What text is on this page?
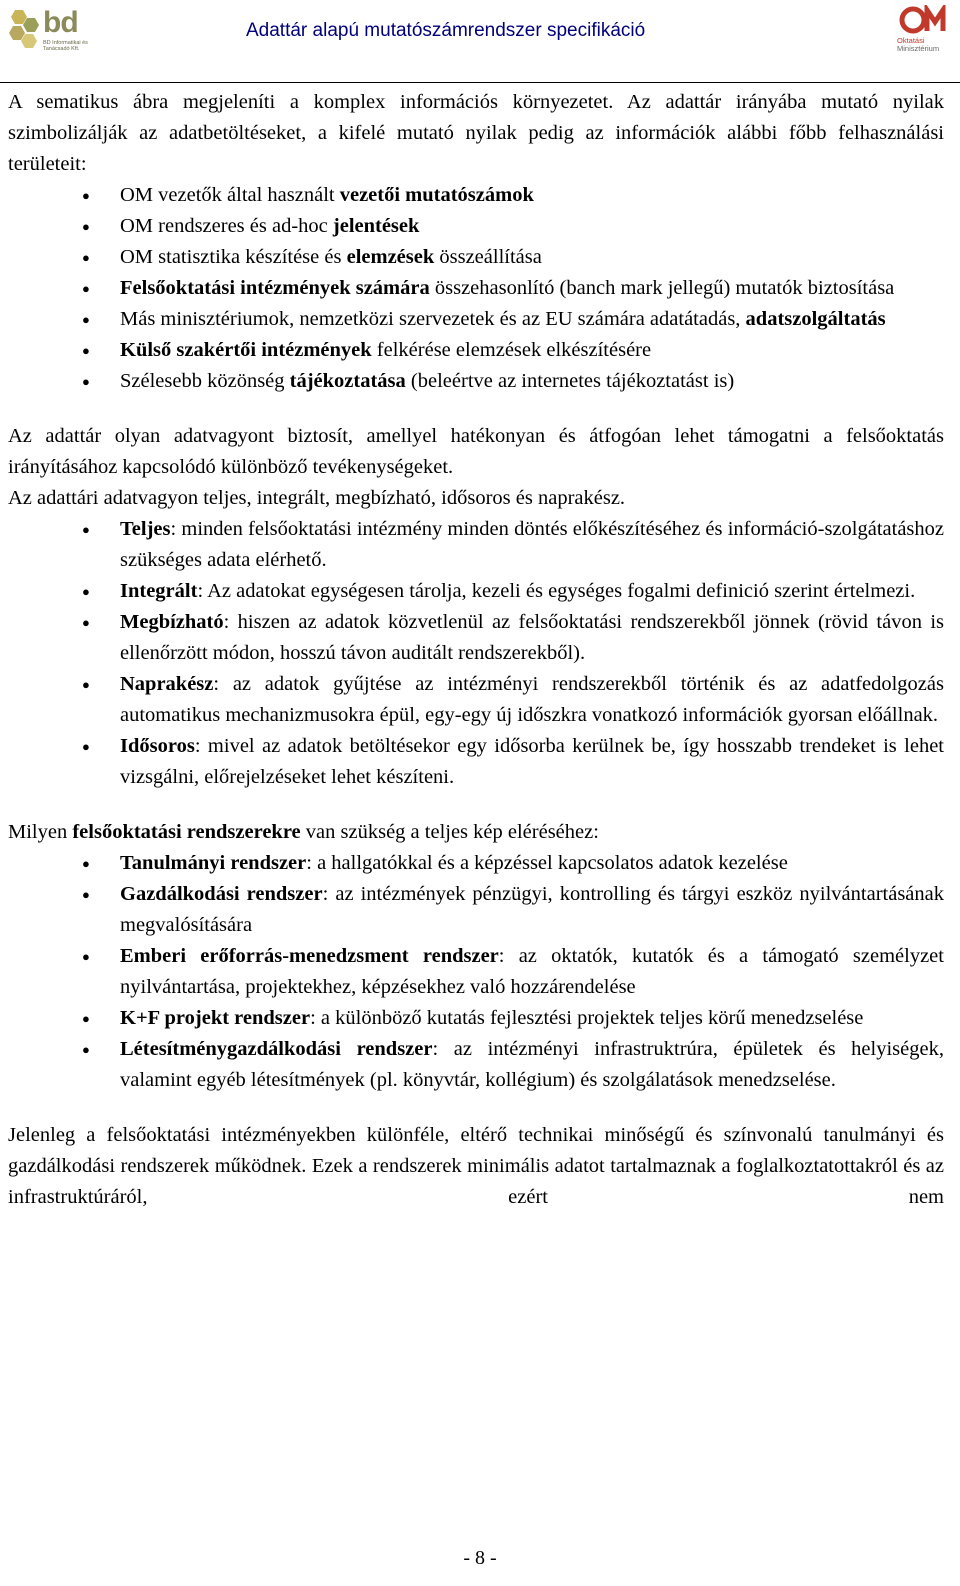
bd
BD Informatikai és Tanácsadó Kft.
Adattár alapú mutatószámrendszer specifikáció	Oktatási
Minisztérium

A sematikus ábra megjeleníti a komplex információs környezetet. Az adattár irányába mutató nyilak szimbolizálják az adatbetöltéseket, a kifelé mutató nyilak pedig az információk alábbi főbb felhasználási területeit:

● OM vezetők által használt vezetői mutatószámok
● OM rendszeres és ad-hoc jelentések
● OM statisztika készítése és elemzések összeállítása
● Felsőoktatási intézmények számára összehasonlító (banch mark jellegű) mutatók biztosítása
● Más minisztériumok, nemzetközi szervezetek és az EU számára adatátadás, adatszolgáltatás
● Külső szakértői intézmények felkérése elemzések elkészítésére
● Szélesebb közönség tájékoztatása (beleértve az internetes tájékoztatást is)

Az adattár olyan adatvagyont biztosít, amellyel hatékonyan és átfogóan lehet támogatni a felsőoktatás irányításához kapcsolódó különböző tevékenységeket.

Az adattári adatvagyon teljes, integrált, megbízható, idősoros és naprakész.

● Teljes: minden felsőoktatási intézmény minden döntés előkészítéséhez és információ-szolgátatáshoz szükséges adata elérhető.
● Integrált: Az adatokat egységesen tárolja, kezeli és egységes fogalmi definició szerint értelmezi.
● Megbízható: hiszen az adatok közvetlenül az felsőoktatási rendszerekből jönnek (rövid távon is ellenőrzött módon, hosszú távon auditált rendszerekből).
● Naprakész: az adatok gyűjtése az intézményi rendszerekből történik és az adatfedolgozás automatikus mechanizmusokra épül, egy-egy új időszkra vonatkozó információk gyorsan előállnak.
● Idősoros: mivel az adatok betöltésekor egy idősorba kerülnek be, így hosszabb trendeket is lehet vizsgálni, előrejelzéseket lehet készíteni.

Milyen felsőoktatási rendszerekre van szükség a teljes kép eléréséhez:

● Tanulmányi rendszer: a hallgatókkal és a képzéssel kapcsolatos adatok kezelése
● Gazdálkodási rendszer: az intézmények pénzügyi, kontrolling és tárgyi eszköz nyilvántartásának megvalósítására
● Emberi erőforrás-menedzsment rendszer: az oktatók, kutatók és a támogató személyzet nyilvántartása, projektekhez, képzésekhez való hozzárendelése
● K+F projekt rendszer: a különböző kutatás fejlesztési projektek teljes körű menedzselése
● Létesítménygazdálkodási rendszer: az intézményi infrastruktrúra, épületek és helyiségek, valamint egyéb létesítmények (pl. könyvtár, kollégium) és szolgálatások menedzselése.

Jelenleg a felsőoktatási intézményekben különféle, eltérő technikai minőségű és színvonalú tanulmányi és gazdálkodási rendszerek működnek. Ezek a rendszerek minimális adatot tartalmaznak a foglalkoztatottakról és az infrastruktúráról, ezért nem

- 8 -
